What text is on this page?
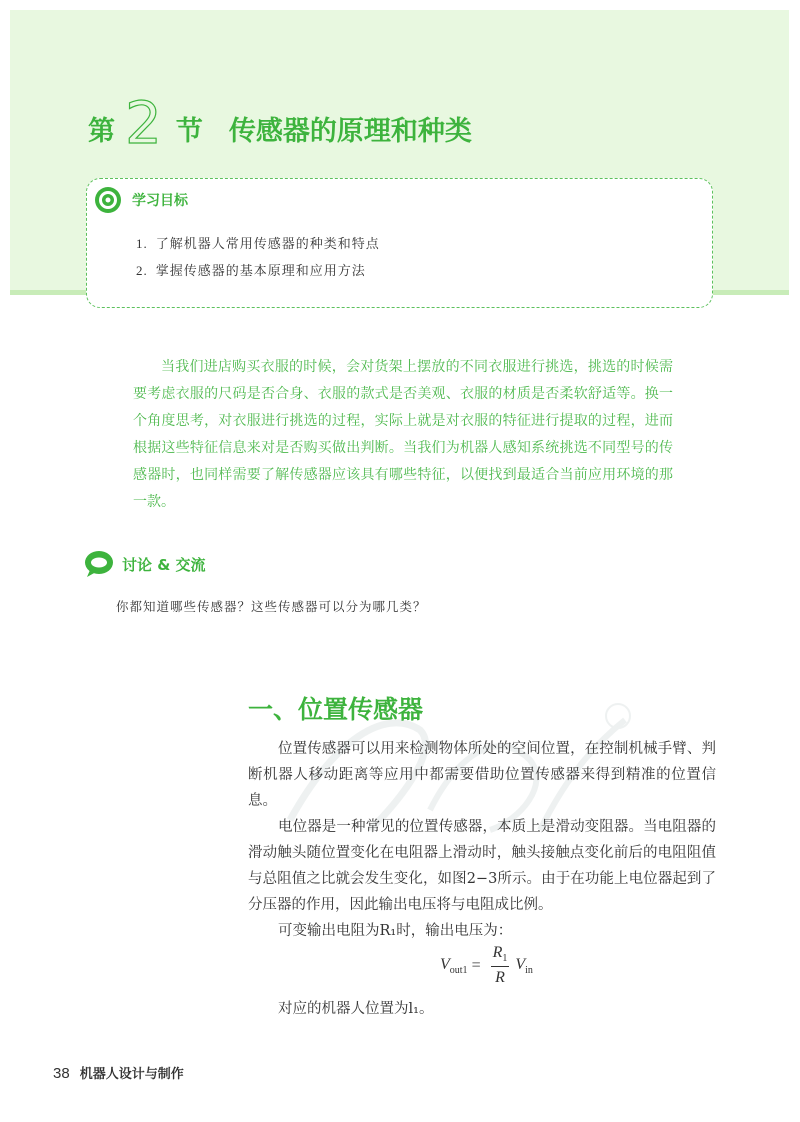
第 2 节 传感器的原理和种类
学习目标
1. 了解机器人常用传感器的种类和特点
2. 掌握传感器的基本原理和应用方法

当我们进店购买衣服的时候，会对货架上摆放的不同衣服进行挑选，挑选的时候需要考虑衣服的尺码是否合身、衣服的款式是否美观、衣服的材质是否柔软舒适等。换一个角度思考，对衣服进行挑选的过程，实际上就是对衣服的特征进行提取的过程，进而根据这些特征信息来对是否购买做出判断。当我们为机器人感知系统挑选不同型号的传感器时，也同样需要了解传感器应该具有哪些特征，以便找到最适合当前应用环境的那一款。

讨论 & 交流

你都知道哪些传感器？这些传感器可以分为哪几类？

一、位置传感器

位置传感器可以用来检测物体所处的空间位置，在控制机械手臂、判断机器人移动距离等应用中都需要借助位置传感器来得到精准的位置信息。

电位器是一种常见的位置传感器，本质上是滑动变阻器。当电阻器的滑动触头随位置变化在电阻器上滑动时，触头接触点变化前后的电阻阻值与总阻值之比就会发生变化，如图2−3所示。由于在功能上电位器起到了分压器的作用，因此输出电压将与电阻成比例。

可变输出电阻为R₁时，输出电压为：

$V_{out1} = \frac{R_1}{R} V_{in}$

对应的机器人位置为l₁。

38 机器人设计与制作
